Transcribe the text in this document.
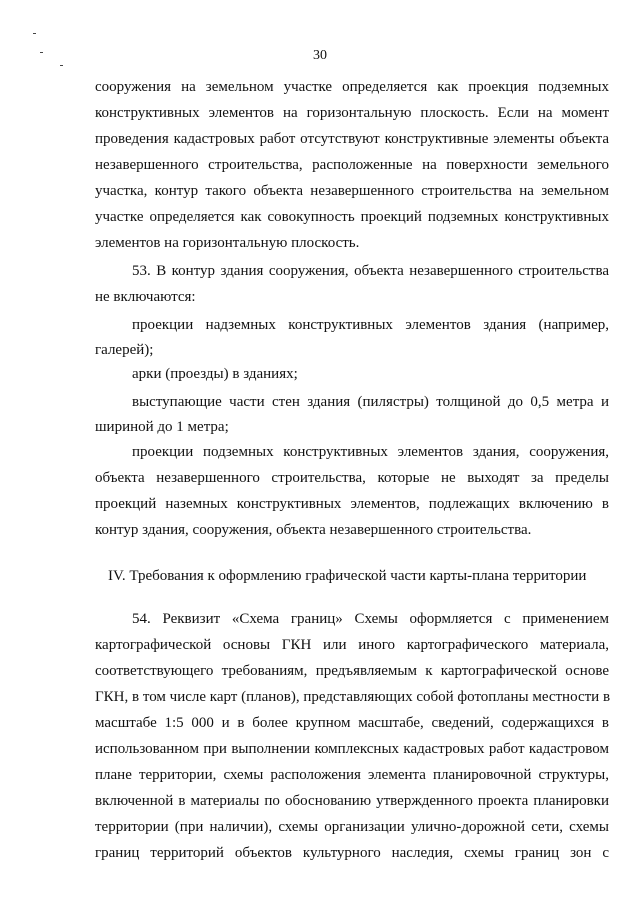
30
сооружения на земельном участке определяется как проекция подземных
конструктивных элементов на горизонтальную плоскость. Если на момент
проведения кадастровых работ отсутствуют конструктивные элементы объекта
незавершенного строительства, расположенные на поверхности земельного
участка, контур такого объекта незавершенного строительства на земельном
участке определяется как совокупность проекций подземных конструктивных
элементов на горизонтальную плоскость.
53. В контур здания сооружения, объекта незавершенного строительства
не включаются:
проекции надземных конструктивных элементов здания (например,
галерей);
арки (проезды) в зданиях;
выступающие части стен здания (пилястры) толщиной до 0,5 метра и
шириной до 1 метра;
проекции подземных конструктивных элементов здания, сооружения,
объекта незавершенного строительства, которые не выходят за пределы
проекций наземных конструктивных элементов, подлежащих включению в
контур здания, сооружения, объекта незавершенного строительства.
IV. Требования к оформлению графической части карты-плана территории
54. Реквизит «Схема границ» Схемы оформляется с применением
картографической основы ГКН или иного картографического материала,
соответствующего требованиям, предъявляемым к картографической основе
ГКН, в том числе карт (планов), представляющих собой фотопланы местности в
масштабе 1:5 000 и в более крупном масштабе, сведений, содержащихся в
использованном при выполнении комплексных кадастровых работ кадастровом
плане территории, схемы расположения элемента планировочной структуры,
включенной в материалы по обоснованию утвержденного проекта планировки
территории (при наличии), схемы организации улично-дорожной сети, схемы
границ территорий объектов культурного наследия, схемы границ зон с
